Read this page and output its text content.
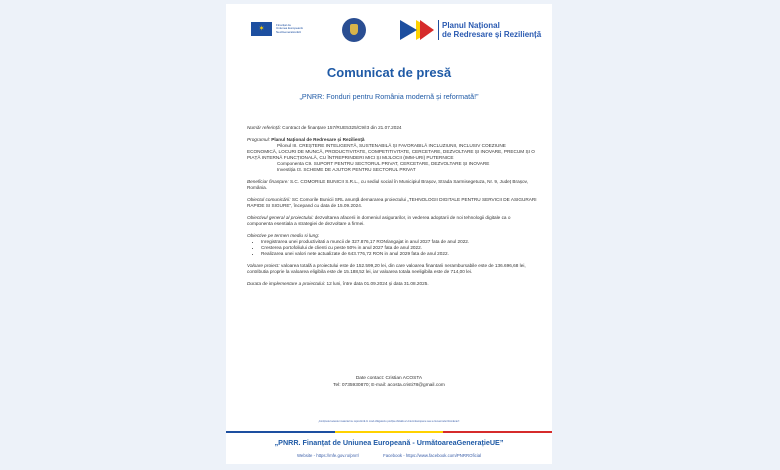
✶
Finanțat de
Uniunea Europeană
NextGenerationEU
Planul Național
de Redresare și Reziliență
Comunicat de presă
„PNRR: Fonduri pentru România modernă și reformată!”

Număr referință: Contract de finanțare 157/RUE5325/C9/I3 din 21.07.2024

Programul: Planul Național de Redresare și Reziliență
Pilonul III. CREȘTERE INTELIGENTĂ, SUSTENABILĂ ȘI FAVORABILĂ INCLUZIUNII, INCLUSIV COEZIUNE ECONOMICĂ, LOCURI DE MUNCĂ, PRODUCTIVITATE, COMPETITIVITATE, CERCETARE, DEZVOLTARE ȘI INOVARE, PRECUM ȘI O PIAȚĂ INTERNĂ FUNCȚIONALĂ, CU ÎNTREPRINDERI MICI ȘI MIJLOCII (IMM-URI) PUTERNICE
Componenta C9. SUPORT PENTRU SECTORUL PRIVAT, CERCETARE, DEZVOLTARE ȘI INOVARE
Investiția I3. SCHEME DE AJUTOR PENTRU SECTORUL PRIVAT

Beneficiar finanțare: S.C. COMORILE BUNICII S.R.L., cu sediul social în Municipiul Brașov, Strada Sarmisegetuza, Nr. 9, Județ Brașov, România.

Obiectul comunicării: SC Comorile Bunicii SRL anunță demararea proiectului „TEHNOLOGII DIGITALE PENTRU SERVICII DE ASIGURARI RAPIDE SI SIGURE”, începand cu data de 15.09.2024.

Obiectivul general al proiectului: dezvoltarea afacerii in domeniul asigurarilor, in vederea adoptarii de noi tehnologii digitale ca o componenta esentiala a strategiei de dezvoltare a firmei.

Obiective pe termen mediu si lung:

• Inregistrarea unei productivitati a muncii de 327.876,17 RON/angajat in anul 2027 fata de anul 2022.
• Cresterea portofoliului de clienti cu peste 50% in anul 2027 fata de anul 2022.
• Realizarea unei valori nete actualizate de 643.776,72 RON in anul 2029 fata de anul 2022.

Valoare proiect: valoarea totală a proiectului este de 152.599,20 lei, din care valoarea finantarii nerambursabile este de 136.696,68 lei, contributia proprie la valoarea eligibila este de 15.188,52 lei, iar valoarea totala neeligibila este de 714,00 lei.

Durata de implementare a proiectului: 12 luni, între data 01.09.2024 și data 31.08.2025.

Date contact: Cristian ACOSTA
Tel: 0735930870; E-mail: acosta.cristi78@gmail.com
„Conținutul acestui material nu reprezintă în mod obligatoriu poziția oficială a Uniunii Europene sau a Guvernului României”.
„PNRR. Finanțat de Uniunea Europeană - UrmătoareaGenerațieUE”
Website - https://mfe.gov.ro/pnrr/	Facebook - https://www.facebook.com/PNRROficial
